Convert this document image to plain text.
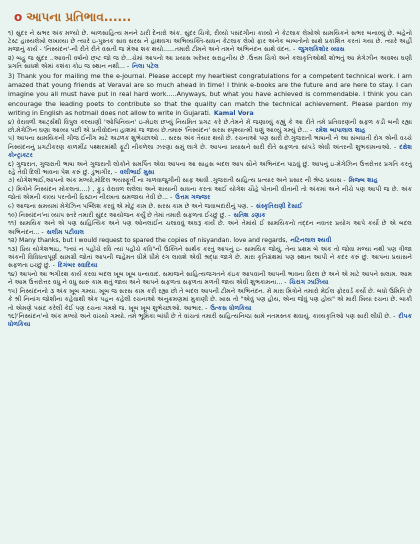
o આપના પ્રતિભાવ......
૧) સુંદર ને સભર અંક મળ્યો છે. બાળસાહિત્ય મનને ઠારી દેનારો અંક. સુંદર ચિત્રો, રીવ્યો પસંદગીના કાવ્યો ને કેટલાક લેખોએ સામયિકને સભર બનાવ્યું છે. બહેનો ટેસ્ટ હાસ્યલેખો લખાવ્યા છે ત્યારે ઇ-પુસ્તક સાવ સરસ ને હાથવગા અભિવ્યક્તિ-સાધન કેટલાક લેખો ફાર અનેક બાબતોનો સાથે પ્રકાશિત કરતાં ગયા છે. ત્યારે અહીં મજાનું કાર્ય - 'નિસ્યંદન'-ની રીતે રીતે વસતી જ મેઆ શક થયો......તમારી ટીમને અને તમને અભિનંદન સાથે વંદન. - જુગલકિશોર વ્યાસ
૨) બહુ જ સુંદર ..આવતી વર્ષાનો છ્ષ્ટ જો જ છે...ચેમાં આપનો આ પ્રયાસ ખરેખર સરાહનીય છે .ઉત્તમ ચિત્રો અને કલાકૃતિઓથી શોભતું આ મેગેઝીન અવશ્ય ઘણી પ્રગતિ સાધશે એમાં કશંકા કોઇ જ સ્થાન નથી... - નિલા પટેલ
3) Thank you for mailing me the e-journal. Please accept my heartiest congratulations for a competent technical work. I am amazed that young friends at Veraval are so much ahead in time! I think e-books are the future and are here to stay. I can imagine you all must have put in real hard work.....Anyways, but what you have achieved is commendable. I think you can encourage the leading poets to contribute so that the quality can match the technical achievement. Please pardon my writing in English as hotmail does not allow to write in Gujarati. Kamal Vora
૪) વેરાવળી આર્ટ્સથી વિપુલ કલ્યાણી 'ઓપિનિયન' ઇ-મેઇલ છપ્યું નિયમિત પ્રગટ કરે છે.તેમને મેં જણાવ્યું કહ્યું કે આ રીતે તમે પ્રતિવરણની સફળ કડી બની રહ્યા છો.મેગેઝિન ઘણા આવ્યા પછી એ પ્રતીવોદાના હાશમાં જ જાય છે.તમારું 'નિસ્યંદન' સરસ સ્પૃશ્યાત્મી ઘણું આવ્યું ગમ્યું છે... - રમેશ બાપાલાલ શાહ
૫) આપના સામયિકની ગીજ ઈનીંગ માટે અઢળક શુભેચ્છાઓ ... સરસ અંક તૈયાર થયો છે. રચનાઓ પણ સારી છે.ગુજરાતી ભાષાની ને આ સંબધાતી રોગ એની વચ્ચે નિસ્યંદનનું પ્રગટીકરણ કાળમીંઢ પથ્થરમાંથી ફૂટી નીકળેલા ઝરણા સમું લાગે છે. આપના પ્રયાસને સારી રીતે સફળતા સાંપડે એવી અંતરની શુભકામનાઓ. - દક્ષેશ કોન્ટ્રાક્ટર
૬) ગુજરાત, ગુજરાતી ભાષા અને ગુજરાતી લોકોને સમર્પિત એવા આપના આ સાહસ બદલ આપ સૌને અભિનંદન પાઠવું છું. આપનું ઇ-મેગેઝિન ઉત્તરોત્તર પ્રગતિ કરતું રહે તેવી દિલી ભાવના પેશ કરું છું. ડુંભાગીર, - વલીભાઈ મુસા
૭) યોગેશભાઈ,આપનો અંક મળ્યો,મોદિલ ભયસ્ફૂર્તી ના ગાળવાજુગીની સાફ આવી .ગુજરાતી સાહિત્ય પ્રત્યાર અને પ્રસાર ની શ્રેષ્ઠ પ્રયાસ - મિજ્બ શાહ
૮) મિત્રોને નિસ્યંદન મોકલતા....) , ફુડ વેરાવળ લલેલા અને શાયાની સાધના કરતા આઈ યોગેશ ચૌહે પોતાની વીતાની તો અંકમાં અને નીચે પણ આપી જ છે. અંક જોતાં એમની કાવ્ય પરત્વેની દ્રિસ્ટાન નીરખતા સમજાય તેવી છે... - ઉત્તમ ગજ્જર
૯) આજના સમયમાં મેગેઝિન પબ્લિશ કરવું એ મોટું કામ છે. સરસ કામ છે અને જવાબદારીનું પણ. - સંસ્કૃતિરાણી દેસાઈ
૧૦) નિસ્યંદન'ના વ્યાપ સ્તરે તમારી સુંદર આયોજન કર્યું છે તેમાં તમારી સફળતા ઈચ્છું છું. - સતિશ ડણાક
૧૧) સામયિક અને એ પણ સાહિત્યિક અને પણ ઓનલાઈન ચલાવવું અઘરૂ કાર્ય છે. અને તેમાંયે ઈ સામયિકનો તદ્દન નવતર પ્રયોગ આપે કર્યો છે એ બદલ અભિનંદન... - સલીમ પટીવાલ
૧૨) Many thanks, but I would request to spared the copies of nisyandan. love and regards, નટિનલાલ શ્યવી
૧૩) પ્રિય યોગેશભાઇ, "ખ્યાં ન પહોંચે રવિ ત્યાં પહોંચે કવિ"ની ઉક્તિને સાર્થક કરતું આપનું ઇ- સામયિક જોયું. તેના પ્રથમ બે અંક તો જોવા મળ્યા નથી પણ ત્રીજા અંકની વિવિધતાપૂર્ણ સામગ્રી જોતાં આપની જહેમત ધીમે ધીમે રંગ લાવશે એવી શ્રદ્ધા જાગે છે. મારા કૃતિગ્રંથમાં પણ સ્થાન આપી ને કદર કરું છું. આપના પ્રયાસને સફળતા ઇચ્છું છું. - દિગંબર સ્વાદિયા
૧૪) આપનો આ ભગીરથ કાર્ય કરવા બદલ ખૂબ ખૂબ ધન્યવાદ. સમાજને સાહિત્યજગતને કંઇક આપવાની આપની ભાવના વિરલ છે અને એ માટે આપને સલામ. આમ ને આમ ઉત્તરોત્તર વધુ ને વધુ સારું કામ થતું જાય અને આપને સફળતા સફળતા મળતી જાય એવી શુભકામના... - ચિરાગ ઝાઝિયા
૧૫) નિસ્યંદનનો ૩ અંક ખૂબ ગમ્યા. ખૂબ જ સરસ કામ કરી રહ્યા છો તે બદલ આપની ટીમને અભિનંદન. મેં મારા મિત્રોને તમારો મેઈલ ફોરવર્ડ કર્યો છે. બધો ઉમિતિ છે કે શ્રી નિનાંગ જોશીના કહેવાથી એક પહન કહેલી રચનાઓ અનુક્રમણમાં મુકાણી છે. ખાસ તો "એવું પણ હોય, એના જેવું પણ હોય" એ મારી ખિયા રચના છે. બાકી તો એમણે પસંદ કરેલી કેઈ પણ રચના ગમશે જ. ખૂબ ખૂબ શુભેચ્છાઓ. આભાર. - ઉત્કસ ધોળકિયા
૧૬)'નિસ્યંદન'નો અંક મળ્યો અને વાંચ્યો ગમ્યો. તમે ભૂમિકા બાંધી છે તે વાંચતાં તમારી સાહિત્યનિષ્ઠા સામે નતમસ્તક થવાયું. કાવ્યકૃતિઓ પણ સારી લીધી છે. - દીપક ધોળકિયા
